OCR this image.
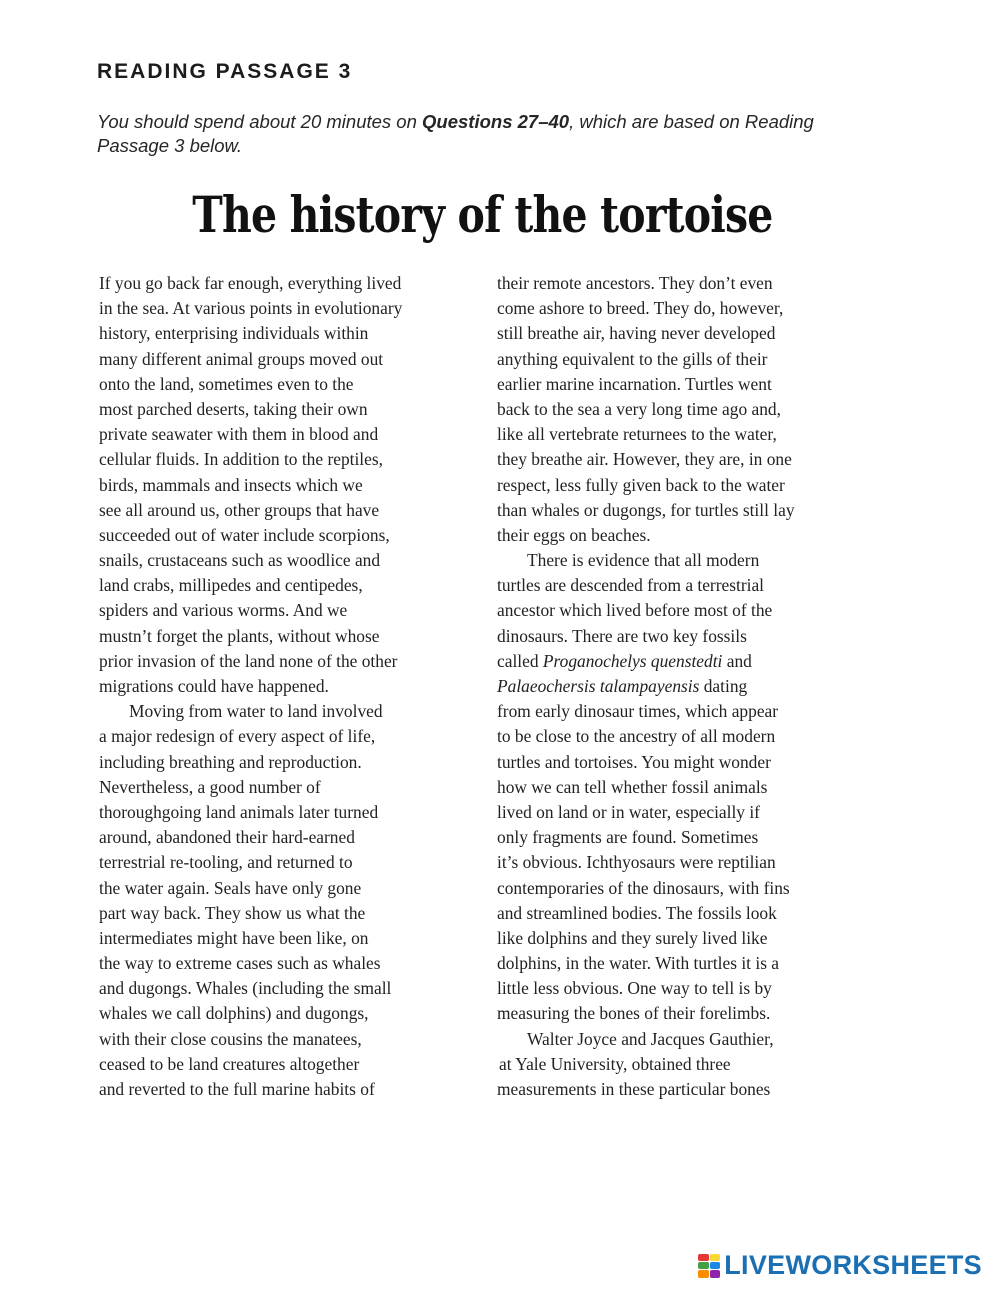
READING PASSAGE 3

You should spend about 20 minutes on Questions 27–40, which are based on Reading Passage 3 below.

The history of the tortoise
If you go back far enough, everything lived
in the sea. At various points in evolutionary
history, enterprising individuals within
many different animal groups moved out
onto the land, sometimes even to the
most parched deserts, taking their own
private seawater with them in blood and
cellular fluids. In addition to the reptiles,
birds, mammals and insects which we
see all around us, other groups that have
succeeded out of water include scorpions,
snails, crustaceans such as woodlice and
land crabs, millipedes and centipedes,
spiders and various worms. And we
mustn’t forget the plants, without whose
prior invasion of the land none of the other
migrations could have happened.
Moving from water to land involved
a major redesign of every aspect of life,
including breathing and reproduction.
Nevertheless, a good number of
thoroughgoing land animals later turned
around, abandoned their hard-earned
terrestrial re-tooling, and returned to
the water again. Seals have only gone
part way back. They show us what the
intermediates might have been like, on
the way to extreme cases such as whales
and dugongs. Whales (including the small
whales we call dolphins) and dugongs,
with their close cousins the manatees,
ceased to be land creatures altogether
and reverted to the full marine habits of
their remote ancestors. They don’t even
come ashore to breed. They do, however,
still breathe air, having never developed
anything equivalent to the gills of their
earlier marine incarnation. Turtles went
back to the sea a very long time ago and,
like all vertebrate returnees to the water,
they breathe air. However, they are, in one
respect, less fully given back to the water
than whales or dugongs, for turtles still lay
their eggs on beaches.
There is evidence that all modern
turtles are descended from a terrestrial
ancestor which lived before most of the
dinosaurs. There are two key fossils
called Proganochelys quenstedti and
Palaeochersis talampayensis dating
from early dinosaur times, which appear
to be close to the ancestry of all modern
turtles and tortoises. You might wonder
how we can tell whether fossil animals
lived on land or in water, especially if
only fragments are found. Sometimes
it’s obvious. Ichthyosaurs were reptilian
contemporaries of the dinosaurs, with fins
and streamlined bodies. The fossils look
like dolphins and they surely lived like
dolphins, in the water. With turtles it is a
little less obvious. One way to tell is by
measuring the bones of their forelimbs.
Walter Joyce and Jacques Gauthier,
at Yale University, obtained three
measurements in these particular bones
LIVEWORKSHEETS
